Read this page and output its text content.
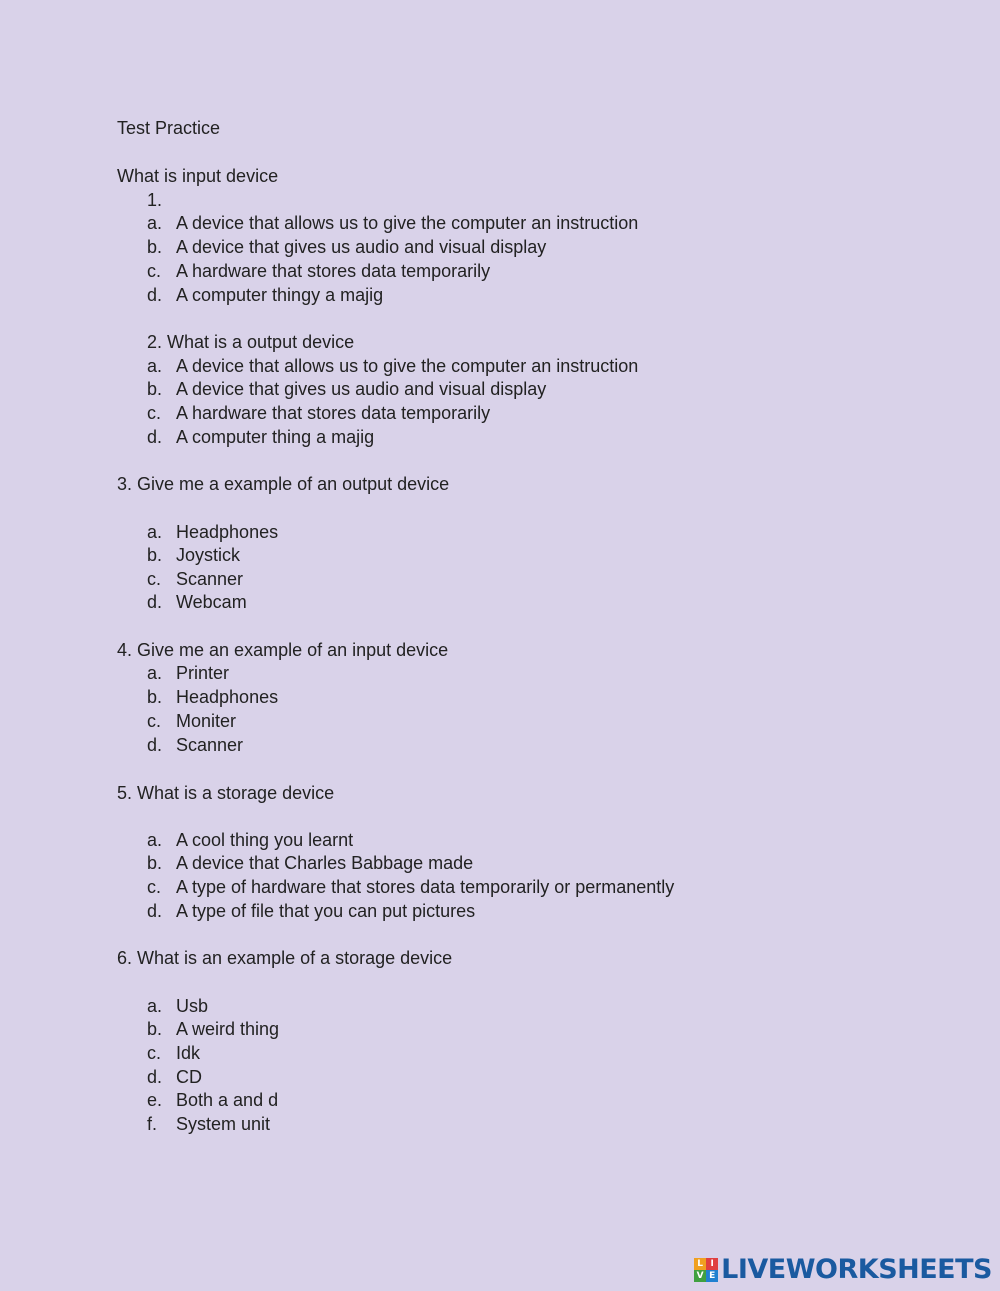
Test Practice
What is input device
1.
a. A device that allows us to give the computer an instruction
b. A device that gives us audio and visual display
c. A hardware that stores data temporarily
d. A computer thingy a majig
2. What is a output device
a. A device that allows us to give the computer an instruction
b. A device that gives us audio and visual display
c. A hardware that stores data temporarily
d. A computer thing a majig
3. Give me a example of an output device
a. Headphones
b. Joystick
c. Scanner
d. Webcam
4. Give me an example of an input device
a. Printer
b. Headphones
c. Moniter
d. Scanner
5. What is a storage device
a. A cool thing you learnt
b. A device that Charles Babbage made
c. A type of hardware that stores data temporarily or permanently
d. A type of file that you can put pictures
6. What is an example of a storage device
a. Usb
b. A weird thing
c. Idk
d. CD
e. Both a and d
f. System unit
L I
V E LIVEWORKSHEETS
